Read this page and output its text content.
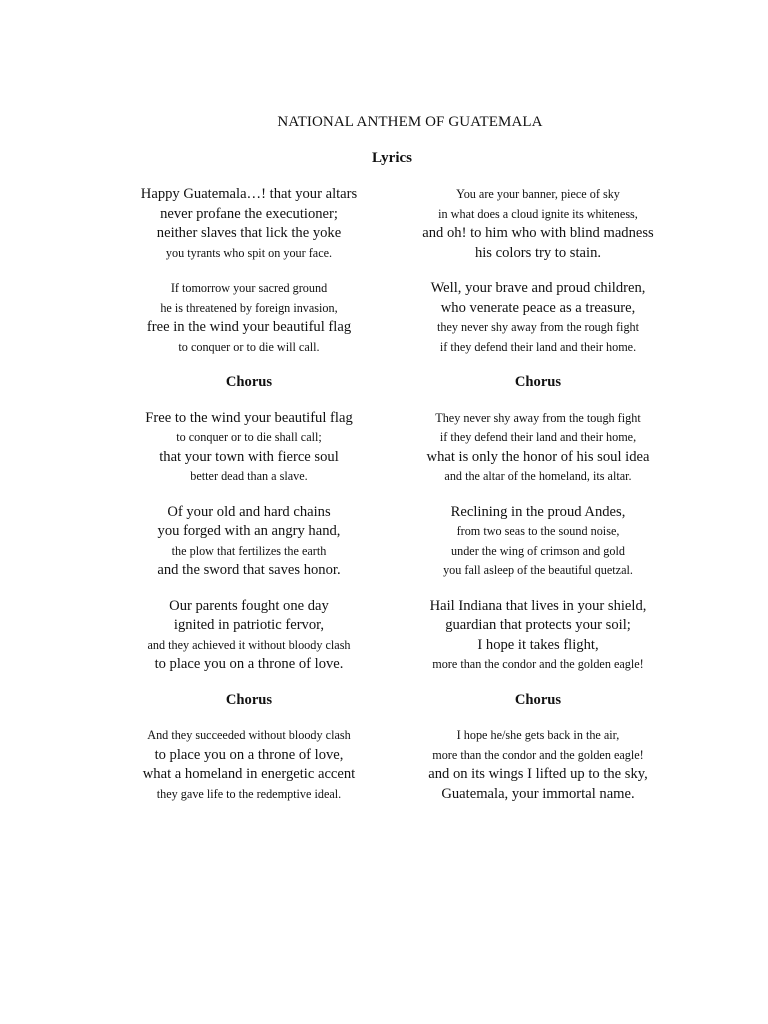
NATIONAL ANTHEM OF GUATEMALA
Lyrics
Happy Guatemala…! that your altars
never profane the executioner;
neither slaves that lick the yoke
you tyrants who spit on your face.
If tomorrow your sacred ground
he is threatened by foreign invasion,
free in the wind your beautiful flag
to conquer or to die will call.
Chorus
Free to the wind your beautiful flag
to conquer or to die shall call;
that your town with fierce soul
better dead than a slave.
Of your old and hard chains
you forged with an angry hand,
the plow that fertilizes the earth
and the sword that saves honor.
Our parents fought one day
ignited in patriotic fervor,
and they achieved it without bloody clash
to place you on a throne of love.
Chorus
And they succeeded without bloody clash
to place you on a throne of love,
what a homeland in energetic accent
they gave life to the redemptive ideal.
You are your banner, piece of sky
in what does a cloud ignite its whiteness,
and oh! to him who with blind madness
his colors try to stain.
Well, your brave and proud children,
who venerate peace as a treasure,
they never shy away from the rough fight
if they defend their land and their home.
Chorus
They never shy away from the tough fight
if they defend their land and their home,
what is only the honor of his soul idea
and the altar of the homeland, its altar.
Reclining in the proud Andes,
from two seas to the sound noise,
under the wing of crimson and gold
you fall asleep of the beautiful quetzal.
Hail Indiana that lives in your shield,
guardian that protects your soil;
I hope it takes flight,
more than the condor and the golden eagle!
Chorus
I hope he/she gets back in the air,
more than the condor and the golden eagle!
and on its wings I lifted up to the sky,
Guatemala, your immortal name.
